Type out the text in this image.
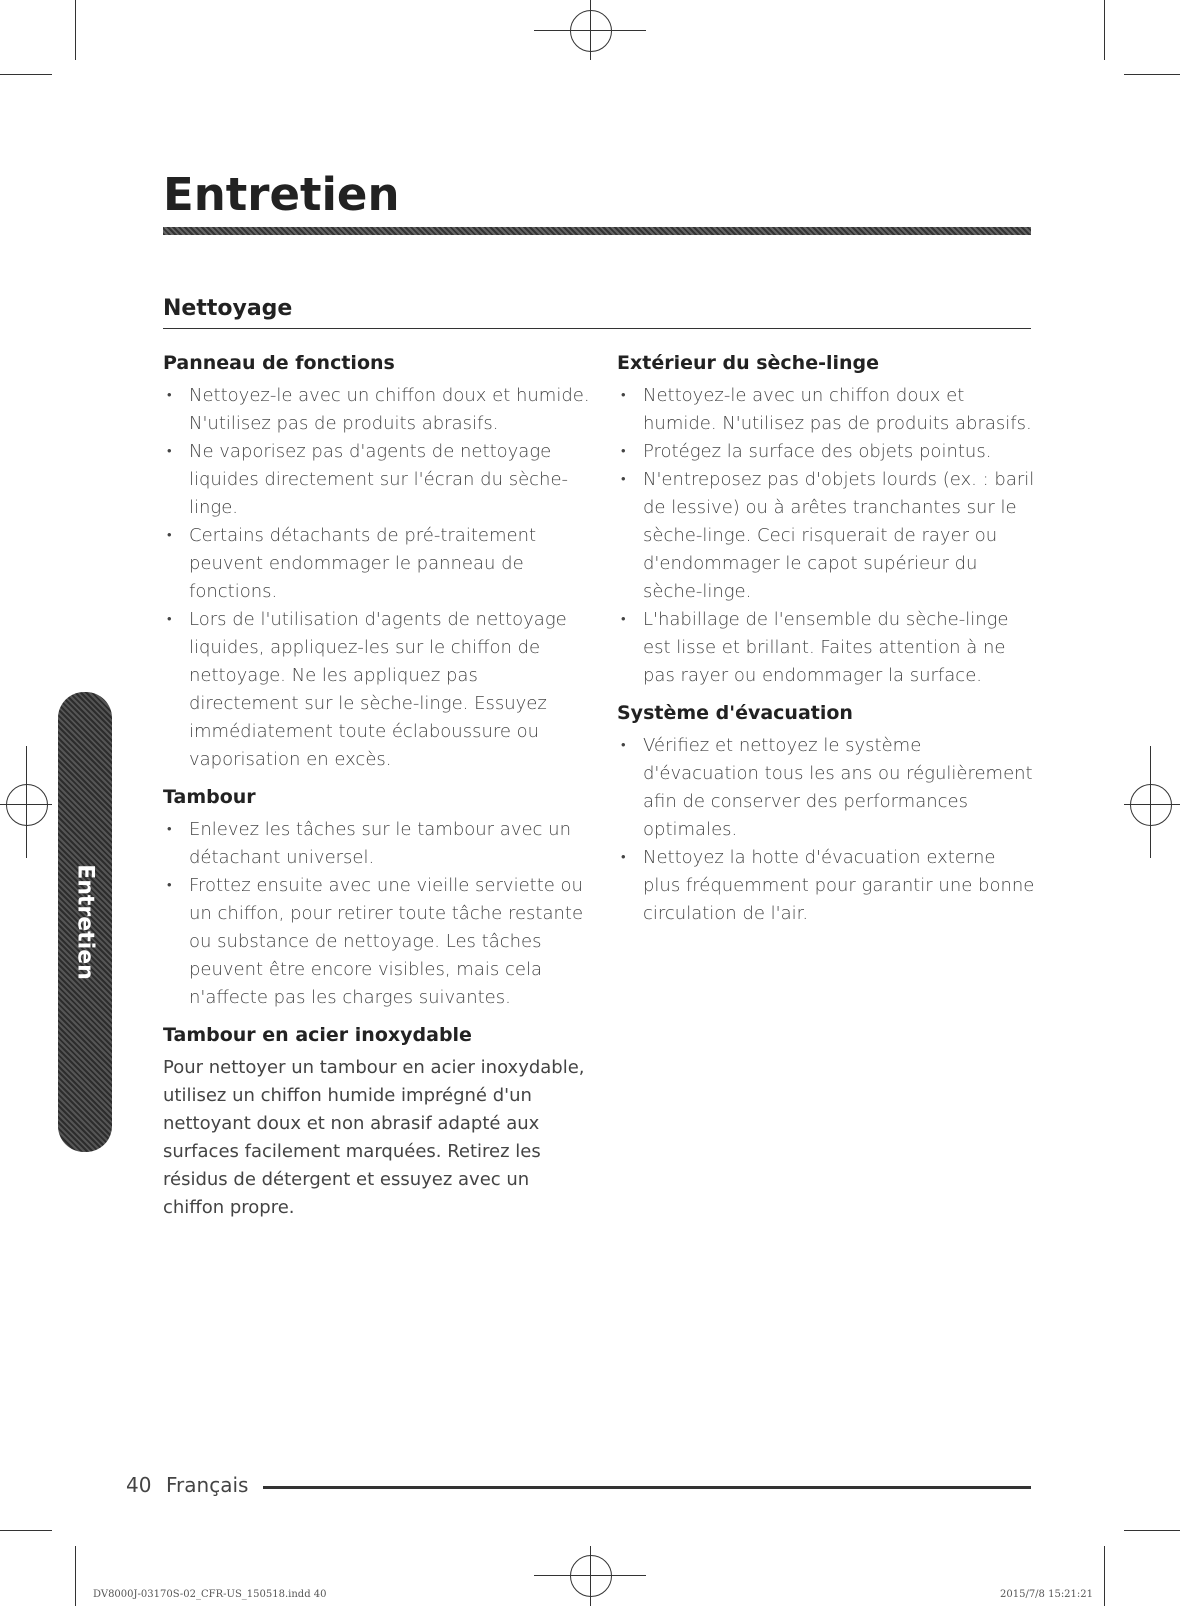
Entretien
Nettoyage
Panneau de fonctions
• Nettoyez-le avec un chiffon doux et humide. N'utilisez pas de produits abrasifs.
• Ne vaporisez pas d'agents de nettoyage liquides directement sur l'écran du sèche-linge.
• Certains détachants de pré-traitement peuvent endommager le panneau de fonctions.
• Lors de l'utilisation d'agents de nettoyage liquides, appliquez-les sur le chiffon de nettoyage. Ne les appliquez pas directement sur le sèche-linge. Essuyez immédiatement toute éclaboussure ou vaporisation en excès.
Tambour
• Enlevez les tâches sur le tambour avec un détachant universel.
• Frottez ensuite avec une vieille serviette ou un chiffon, pour retirer toute tâche restante ou substance de nettoyage. Les tâches peuvent être encore visibles, mais cela n'affecte pas les charges suivantes.
Tambour en acier inoxydable

Pour nettoyer un tambour en acier inoxydable, utilisez un chiffon humide imprégné d'un nettoyant doux et non abrasif adapté aux surfaces facilement marquées. Retirez les résidus de détergent et essuyez avec un chiffon propre.

Extérieur du sèche-linge
• Nettoyez-le avec un chiffon doux et humide. N'utilisez pas de produits abrasifs.
• Protégez la surface des objets pointus.
• N'entreposez pas d'objets lourds (ex. : baril de lessive) ou à arêtes tranchantes sur le sèche-linge. Ceci risquerait de rayer ou d'endommager le capot supérieur du sèche-linge.
• L'habillage de l'ensemble du sèche-linge est lisse et brillant. Faites attention à ne pas rayer ou endommager la surface.
Système d'évacuation
• Vérifiez et nettoyez le système d'évacuation tous les ans ou régulièrement afin de conserver des performances optimales.
• Nettoyez la hotte d'évacuation externe plus fréquemment pour garantir une bonne circulation de l'air.
Entretien
40 Français
DV8000J-03170S-02_CFR-US_150518.indd 40	2015/7/8 15:21:21
